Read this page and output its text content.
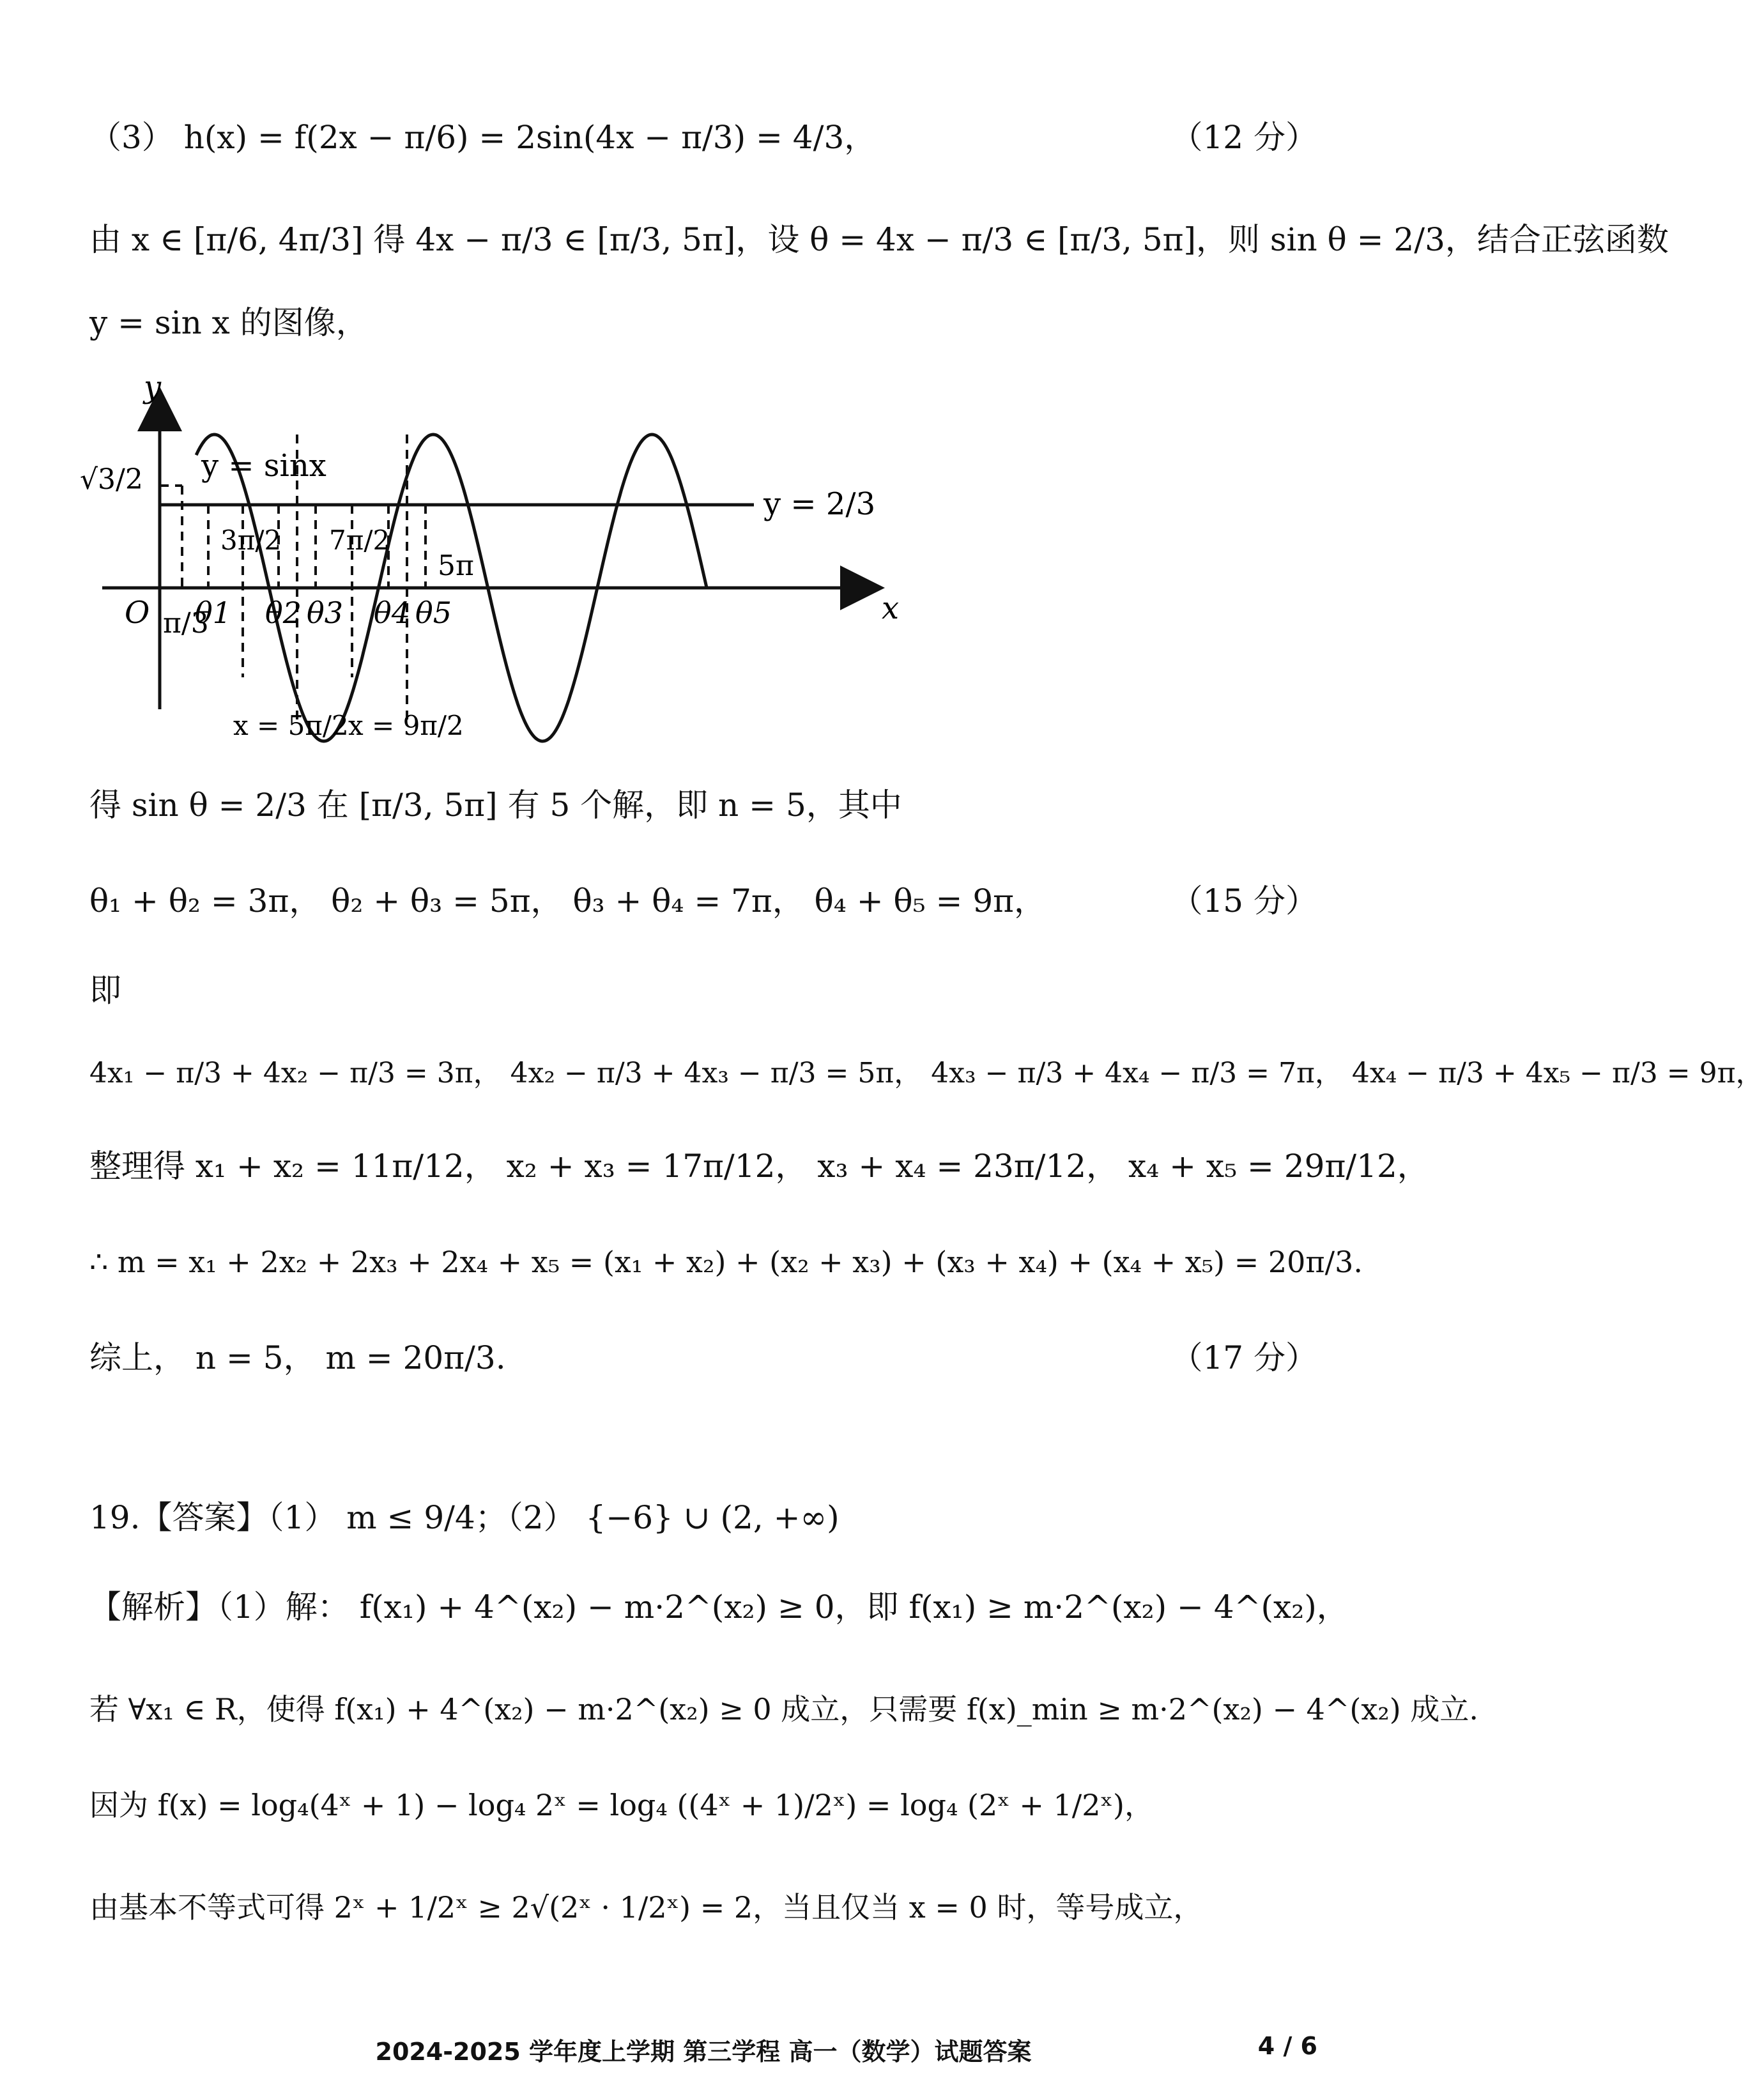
（3） h(x) = f(2x − π/6) = 2sin(4x − π/3) = 4/3，	（12 分）
由 x ∈ [π/6, 4π/3] 得 4x − π/3 ∈ [π/3, 5π]，设 θ = 4x − π/3 ∈ [π/3, 5π]，则 sin θ = 2/3，结合正弦函数
y = sin x 的图像，
y
x
O
y = sinx
y = 2/3
√3/2
π/3
5π
θ1 θ2 θ3 θ4 θ5
3π/2 7π/2
x = 5π/2 x = 9π/2
得 sin θ = 2/3 在 [π/3, 5π] 有 5 个解，即 n = 5，其中
θ₁ + θ₂ = 3π， θ₂ + θ₃ = 5π， θ₃ + θ₄ = 7π， θ₄ + θ₅ = 9π，	（15 分）
即
4x₁ − π/3 + 4x₂ − π/3 = 3π， 4x₂ − π/3 + 4x₃ − π/3 = 5π， 4x₃ − π/3 + 4x₄ − π/3 = 7π， 4x₄ − π/3 + 4x₅ − π/3 = 9π，
整理得 x₁ + x₂ = 11π/12， x₂ + x₃ = 17π/12， x₃ + x₄ = 23π/12， x₄ + x₅ = 29π/12，
∴ m = x₁ + 2x₂ + 2x₃ + 2x₄ + x₅ = (x₁ + x₂) + (x₂ + x₃) + (x₃ + x₄) + (x₄ + x₅) = 20π/3.
综上， n = 5， m = 20π/3.	（17 分）
19.【答案】（1） m ≤ 9/4；（2） {−6} ∪ (2, +∞)
【解析】（1）解： f(x₁) + 4^(x₂) − m·2^(x₂) ≥ 0，即 f(x₁) ≥ m·2^(x₂) − 4^(x₂)，
若 ∀x₁ ∈ R，使得 f(x₁) + 4^(x₂) − m·2^(x₂) ≥ 0 成立，只需要 f(x)_min ≥ m·2^(x₂) − 4^(x₂) 成立.
因为 f(x) = log₄(4ˣ + 1) − log₄ 2ˣ = log₄ ((4ˣ + 1)/2ˣ) = log₄ (2ˣ + 1/2ˣ)，
由基本不等式可得 2ˣ + 1/2ˣ ≥ 2√(2ˣ · 1/2ˣ) = 2，当且仅当 x = 0 时，等号成立，
2024-2025 学年度上学期 第三学程 高一（数学）试题答案	4 / 6
